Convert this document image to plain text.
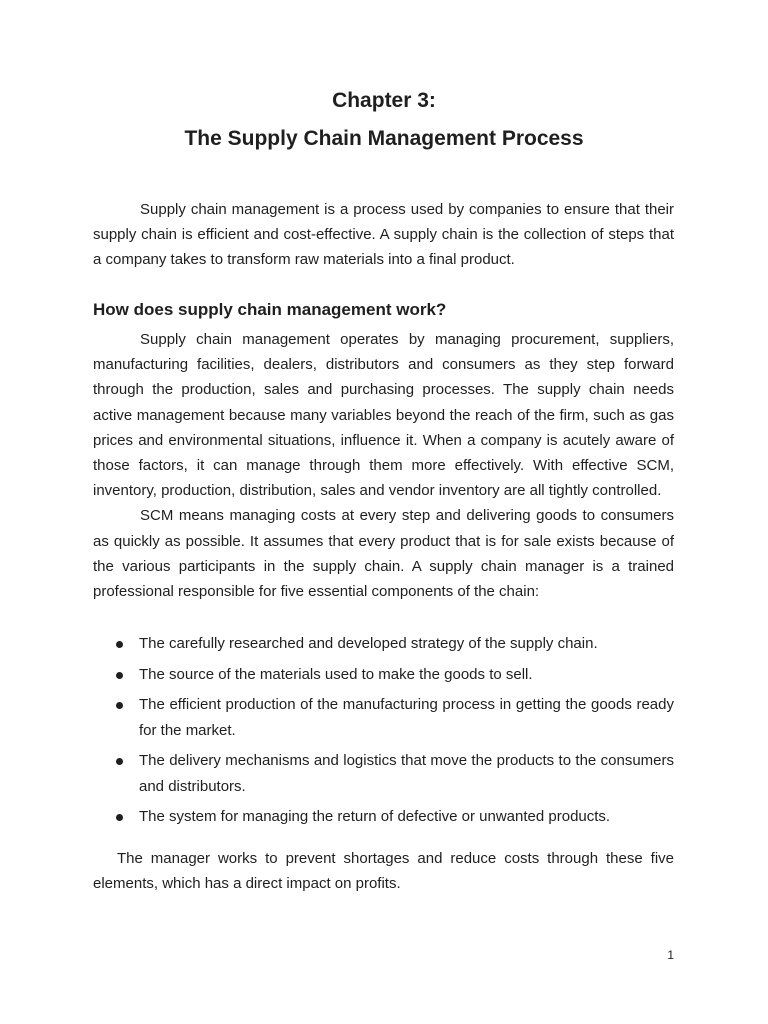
Chapter 3:
The Supply Chain Management Process

Supply chain management is a process used by companies to ensure that their supply chain is efficient and cost-effective. A supply chain is the collection of steps that a company takes to transform raw materials into a final product.

How does supply chain management work?

Supply chain management operates by managing procurement, suppliers, manufacturing facilities, dealers, distributors and consumers as they step forward through the production, sales and purchasing processes. The supply chain needs active management because many variables beyond the reach of the firm, such as gas prices and environmental situations, influence it. When a company is acutely aware of those factors, it can manage through them more effectively. With effective SCM, inventory, production, distribution, sales and vendor inventory are all tightly controlled.

SCM means managing costs at every step and delivering goods to consumers as quickly as possible. It assumes that every product that is for sale exists because of the various participants in the supply chain. A supply chain manager is a trained professional responsible for five essential components of the chain:

The carefully researched and developed strategy of the supply chain.
The source of the materials used to make the goods to sell.
The efficient production of the manufacturing process in getting the goods ready for the market.
The delivery mechanisms and logistics that move the products to the consumers and distributors.
The system for managing the return of defective or unwanted products.

The manager works to prevent shortages and reduce costs through these five elements, which has a direct impact on profits.

1
